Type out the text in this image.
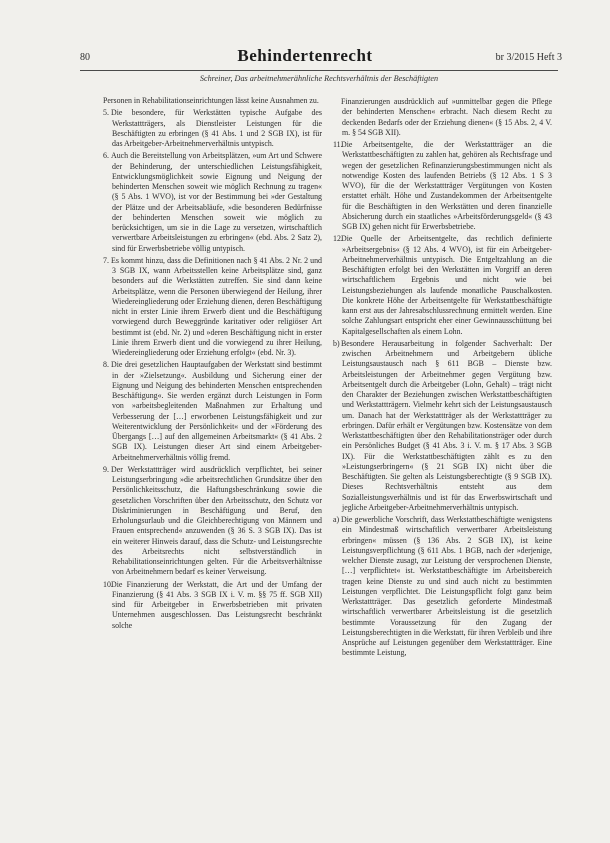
80	Behindertenrecht	br 3/2015 Heft 3
Schreiner, Das arbeitnehmerähnliche Rechtsverhältnis der Beschäftigten

Personen in Rehabilitationseinrichtungen lässt keine Ausnahmen zu.

5. Die besondere, für Werkstätten typische Aufgabe des Werkstattträgers, als Dienstleister Leistungen für die Beschäftigten zu erbringen (§ 41 Abs. 1 und 2 SGB IX), ist für das Arbeitgeber-Arbeitnehmerverhältnis untypisch.

6. Auch die Bereitstellung von Arbeitsplätzen, »um Art und Schwere der Behinderung, der unterschiedlichen Leistungsfähigkeit, Entwicklungsmöglichkeit sowie Eignung und Neigung der behinderten Menschen soweit wie möglich Rechnung zu tragen« (§ 5 Abs. 1 WVO), ist vor der Bestimmung bei »der Gestaltung der Plätze und der Arbeitsabläufe, »die besonderen Bedürfnisse der behinderten Menschen soweit wie möglich zu berücksichtigen, um sie in die Lage zu versetzen, wirtschaftlich verwertbare Arbeitsleistungen zu erbringen« (ebd. Abs. 2 Satz 2), sind für Erwerbsbetriebe völlig untypisch.

7. Es kommt hinzu, dass die Definitionen nach § 41 Abs. 2 Nr. 2 und 3 SGB IX, wann Arbeitsstellen keine Arbeitsplätze sind, ganz besonders auf die Werkstätten zutreffen. Sie sind dann keine Arbeitsplätze, wenn die Personen überwiegend der Heilung, ihrer Wiedereingliederung oder Erziehung dienen, deren Beschäftigung nicht in erster Linie ihrem Erwerb dient und die Beschäftigung vorwiegend durch Beweggründe karitativer oder religiöser Art bestimmt ist (ebd. Nr. 2) und »deren Beschäftigung nicht in erster Linie ihrem Erwerb dient und die vorwiegend zu ihrer Heilung, Wiedereingliederung oder Erziehung erfolgt« (ebd. Nr. 3).

8. Die drei gesetzlichen Hauptaufgaben der Werkstatt sind bestimmt in der »Zielsetzung«. Ausbildung und Sicherung einer der Eignung und Neigung des behinderten Menschen entsprechenden Beschäftigung«. Sie werden ergänzt durch Leistungen in Form von »arbeitsbegleitenden Maßnahmen zur Erhaltung und Verbesserung der […] erworbenen Leistungsfähigkeit und zur Weiterentwicklung der Persönlichkeit« und der »Förderung des Übergangs […] auf den allgemeinen Arbeitsmarkt« (§ 41 Abs. 2 SGB IX). Leistungen dieser Art sind einem Arbeitgeber-Arbeitnehmerverhältnis völlig fremd.

9. Der Werkstattträger wird ausdrücklich verpflichtet, bei seiner Leistungserbringung »die arbeitsrechtlichen Grundsätze über den Persönlichkeitsschutz, die Haftungsbeschränkung sowie die gesetzlichen Vorschriften über den Arbeitsschutz, den Schutz vor Diskriminierungen in Beschäftigung und Beruf, den Erholungsurlaub und die Gleichberechtigung von Männern und Frauen entsprechend« anzuwenden (§ 36 S. 3 SGB IX). Das ist ein weiterer Hinweis darauf, dass die Schutz- und Leistungsrechte des Arbeitsrechts nicht selbstverständlich in Rehabilitationseinrichtungen gelten. Für die Arbeitsverhältnisse von Arbeitnehmern bedarf es keiner Verweisung.

10.Die Finanzierung der Werkstatt, die Art und der Umfang der Finanzierung (§ 41 Abs. 3 SGB IX i. V. m. §§ 75 ff. SGB XII) sind für Arbeitgeber in Erwerbsbetrieben mit privaten Unternehmen ausgeschlossen. Das Leistungsrecht beschränkt solche

Finanzierungen ausdrücklich auf »unmittelbar gegen die Pflege der behinderten Menschen« erbracht. Nach diesem Recht zu deckenden Bedarfs oder der Erziehung dienen« (§ 15 Abs. 2, 4 V. m. § 54 SGB XII).

11.Die Arbeitsentgelte, die der Werkstattträger an die Werkstattbeschäftigten zu zahlen hat, gehören als Rechtsfrage und wegen der gesetzlichen Refinanzierungsbestimmungen nicht als notwendige Kosten des laufenden Betriebs (§ 12 Abs. 1 S 3 WVO), für die der Werkstattträger Vergütungen von Kosten erstattet erhält. Höhe und Zustandekommen der Arbeitsentgelte für die Beschäftigten in den Werkstätten und deren finanzielle Absicherung durch ein staatliches »Arbeitsförderungsgeld« (§ 43 SGB IX) gehen nicht für Erwerbsbetriebe.

12.Die Quelle der Arbeitsentgelte, das rechtlich definierte »Arbeitsergebnis« (§ 12 Abs. 4 WVO), ist für ein Arbeitgeber-Arbeitnehmerverhältnis untypisch. Die Entgeltzahlung an die Beschäftigten erfolgt bei den Werkstätten im Vorgriff an deren wirtschaftlichem Ergebnis und nicht wie bei Leistungsbeziehungen als laufende monatliche Pauschalkosten. Die konkrete Höhe der Arbeitsentgelte für Werkstattbeschäftigte kann erst aus der Jahresabschlussrechnung ermittelt werden. Eine solche Zahlungsart entspricht eher einer Gewinnausschüttung bei Kapitalgesellschaften als einem Lohn.

b)Besondere Herausarbeitung in folgender Sachverhalt: Der zwischen Arbeitnehmern und Arbeitgebern übliche Leistungsaustausch nach § 611 BGB – Dienste bzw. Arbeitsleistungen der Arbeitnehmer gegen Vergütung bzw. Arbeitsentgelt durch die Arbeitgeber (Lohn, Gehalt) – trägt nicht den Charakter der Beziehungen zwischen Werkstattbeschäftigten und Werkstattträgern. Vielmehr kehrt sich der Leistungsaustausch um. Danach hat der Werkstattträger als der Werkstattträger zu erbringen. Dafür erhält er Vergütungen bzw. Kostensätze von dem Werkstattbeschäftigten über den Rehabilitationsträger oder durch ein Persönliches Budget (§ 41 Abs. 3 i. V. m. § 17 Abs. 3 SGB IX). Für die Werkstattbeschäftigten zählt es zu den »Leistungserbringern« (§ 21 SGB IX) nicht über die Beschäftigten. Sie gelten als Leistungsberechtigte (§ 9 SGB IX). Dieses Rechtsverhältnis entsteht aus dem Sozialleistungsverhältnis und ist für das Erwerbswirtschaft und jegliche Arbeitgeber-Arbeitnehmerverhältnis untypisch.

a) Die gewerbliche Vorschrift, dass Werkstattbeschäftigte wenigstens ein Mindestmaß wirtschaftlich verwertbarer Arbeitsleistung erbringen« müssen (§ 136 Abs. 2 SGB IX), ist keine Leistungsverpflichtung (§ 611 Abs. 1 BGB, nach der »derjenige, welcher Dienste zusagt, zur Leistung der versprochenen Dienste, […] verpflichtet« ist. Werkstattbeschäftigte im Arbeitsbereich tragen keine Dienste zu und sind auch nicht zu bestimmten Leistungen verpflichtet. Die Leistungspflicht folgt ganz beim Werkstattträger. Das gesetzlich geforderte Mindestmaß wirtschaftlich verwertbarer Arbeitsleistung ist die gesetzlich bestimmte Voraussetzung für den Zugang der Leistungsberechtigten in die Werkstatt, für ihren Verbleib und ihre Ansprüche auf Leistungen gegenüber dem Werkstattträger. Eine bestimmte Leistung,
